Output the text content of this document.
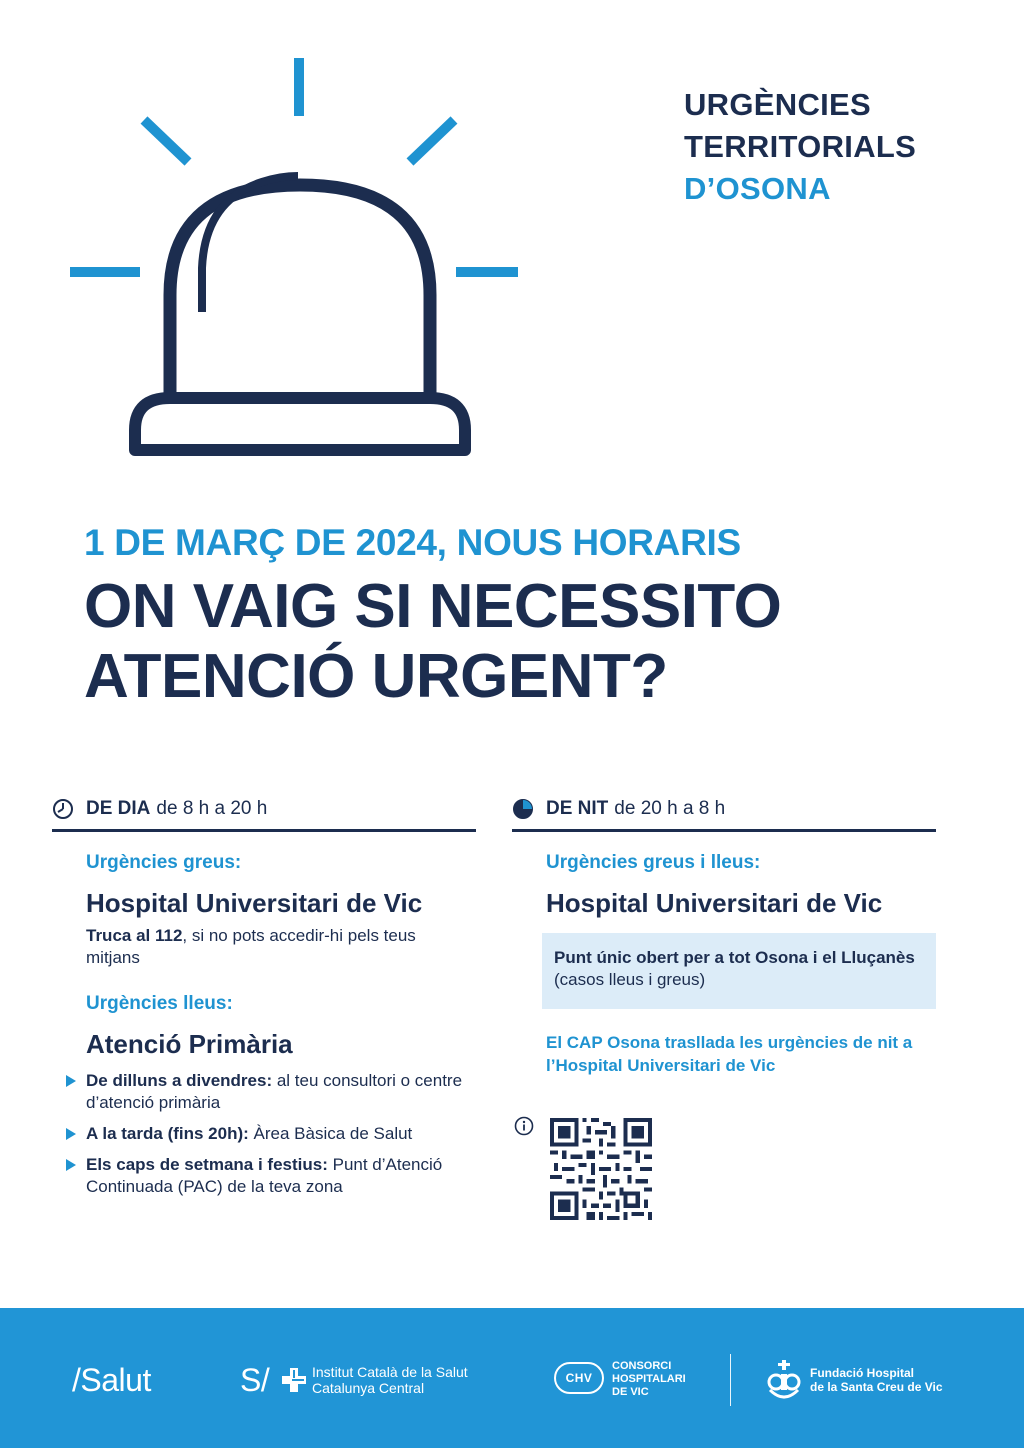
URGÈNCIES
TERRITORIALS
D’OSONA
1 DE MARÇ DE 2024, NOUS HORARIS
ON VAIG SI NECESSITO
ATENCIÓ URGENT?
DE DIA de 8 h a 20 h
Urgències greus:
Hospital Universitari de Vic
Truca al 112, si no pots accedir-hi pels teus mitjans
Urgències lleus:
Atenció Primària
De dilluns a divendres: al teu consultori o centre d’atenció primària
A la tarda (fins 20h): Àrea Bàsica de Salut
Els caps de setmana i festius: Punt d’Atenció Continuada (PAC) de la teva zona
DE NIT de 20 h a 8 h
Urgències greus i lleus:
Hospital Universitari de Vic
Punt únic obert per a tot Osona i el Lluçanès (casos lleus i greus)
El CAP Osona trasllada les urgències de nit a l’Hospital Universitari de Vic
/Salut	S/	Institut Català de la Salut
Catalunya Central
CHV
CONSORCI
HOSPITALARI
DE VIC
Fundació Hospital
de la Santa Creu de Vic
